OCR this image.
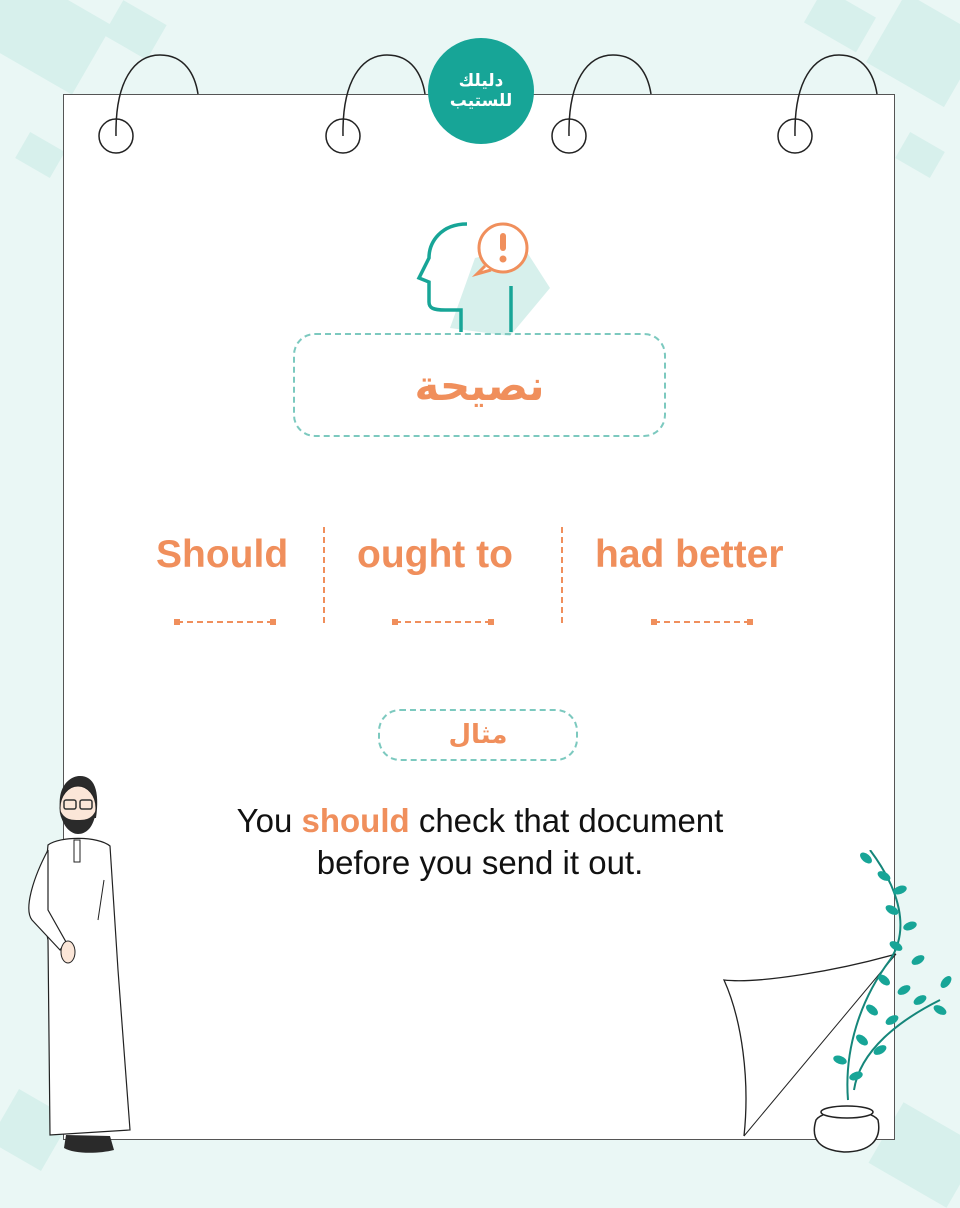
دليلك
للستيب
نصيحة
Should ought to had better
مثال
You should check that document
before you send it out.
